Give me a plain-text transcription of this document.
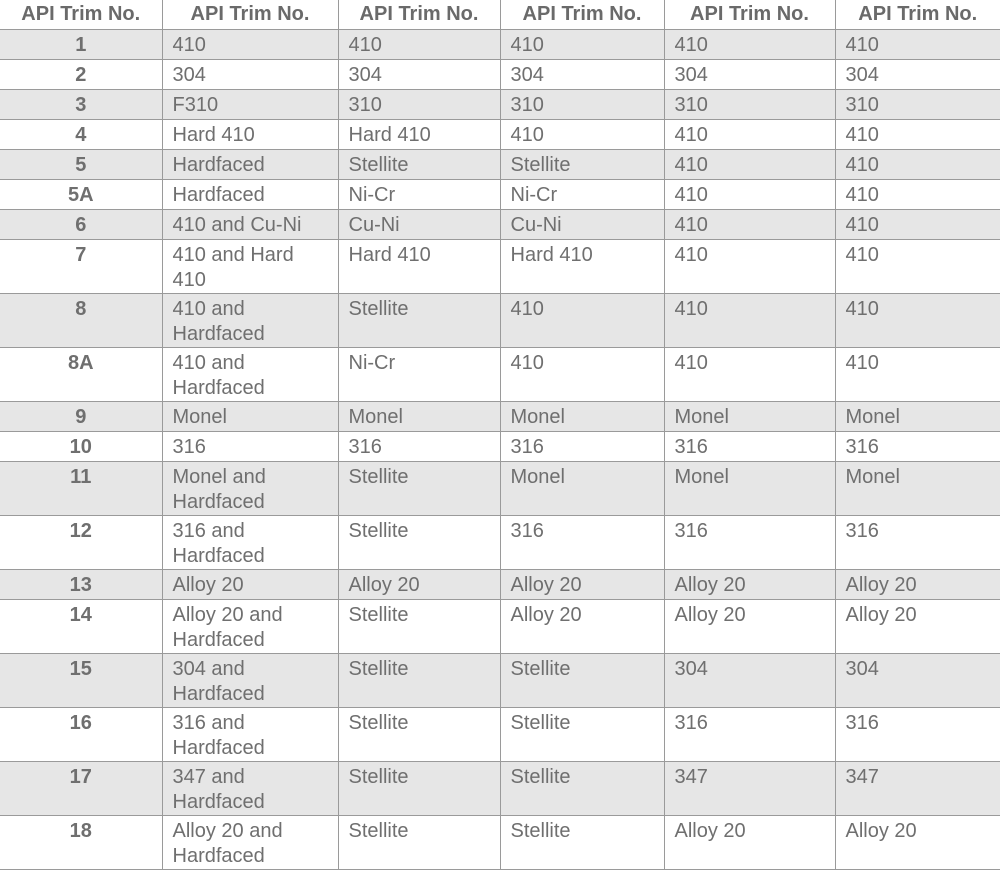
API Trim No.	API Trim No.	API Trim No.	API Trim No.	API Trim No.	API Trim No.
1	410	410	410	410	410
2	304	304	304	304	304
3	F310	310	310	310	310
4	Hard 410	Hard 410	410	410	410
5	Hardfaced	Stellite	Stellite	410	410
5A	Hardfaced	Ni-Cr	Ni-Cr	410	410
6	410 and Cu-Ni	Cu-Ni	Cu-Ni	410	410
7	410 and Hard 410	Hard 410	Hard 410	410	410
8	410 and Hardfaced	Stellite	410	410	410
8A	410 and Hardfaced	Ni-Cr	410	410	410
9	Monel	Monel	Monel	Monel	Monel
10	316	316	316	316	316
11	Monel and Hardfaced	Stellite	Monel	Monel	Monel
12	316 and Hardfaced	Stellite	316	316	316
13	Alloy 20	Alloy 20	Alloy 20	Alloy 20	Alloy 20
14	Alloy 20 and Hardfaced	Stellite	Alloy 20	Alloy 20	Alloy 20
15	304 and Hardfaced	Stellite	Stellite	304	304
16	316 and Hardfaced	Stellite	Stellite	316	316
17	347 and Hardfaced	Stellite	Stellite	347	347
18	Alloy 20 and Hardfaced	Stellite	Stellite	Alloy 20	Alloy 20
